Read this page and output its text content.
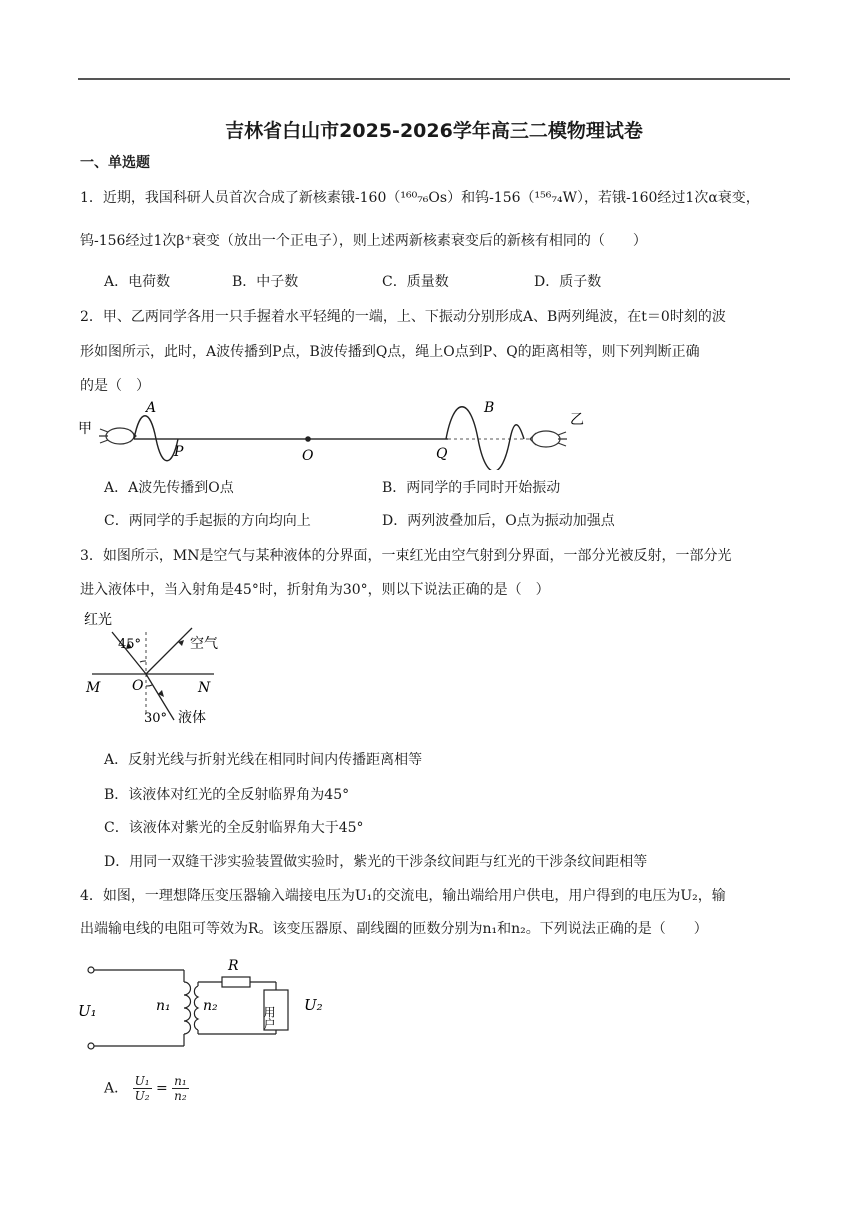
吉林省白山市2025-2026学年高三二模物理试卷
一、单选题
1．近期，我国科研人员首次合成了新核素锇-160（¹⁶⁰₇₆Os）和钨-156（¹⁵⁶₇₄W），若锇-160经过1次α衰变，
钨-156经过1次β⁺衰变（放出一个正电子），则上述两新核素衰变后的新核有相同的（　　）
A．电荷数	B．中子数	C．质量数	D．质子数
2．甲、乙两同学各用一只手握着水平轻绳的一端，上、下振动分别形成A、B两列绳波，在t＝0时刻的波
形如图所示，此时，A波传播到P点，B波传播到Q点，绳上O点到P、Q的距离相等，则下列判断正确
的是（　）
甲
A
P	O
B
Q
乙
A．A波先传播到O点	B．两同学的手同时开始振动
C．两同学的手起振的方向均向上	D．两列波叠加后，O点为振动加强点
3．如图所示，MN是空气与某种液体的分界面，一束红光由空气射到分界面，一部分光被反射，一部分光
进入液体中，当入射角是45°时，折射角为30°，则以下说法正确的是（　）
红光
空气
液体
45°
30°
M O	N
A．反射光线与折射光线在相同时间内传播距离相等
B．该液体对红光的全反射临界角为45°
C．该液体对紫光的全反射临界角大于45°
D．用同一双缝干涉实验装置做实验时，紫光的干涉条纹间距与红光的干涉条纹间距相等
4．如图，一理想降压变压器输入端接电压为U₁的交流电，输出端给用户供电，用户得到的电压为U₂，输
出端输电线的电阻可等效为R。该变压器原、副线圈的匝数分别为n₁和n₂。下列说法正确的是（　　）
R
用户
U₁	n₁ n₂	U₂
A． $\frac{\text{U₁}}{\text{U₂}} = \frac{\text{n₁}}{\text{n₂}}$
